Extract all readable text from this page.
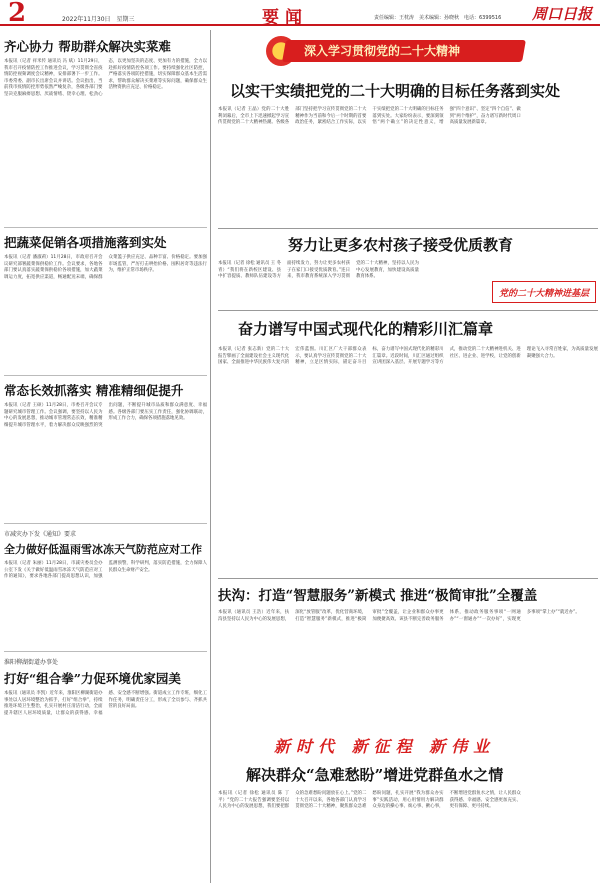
2	2022年11月30日　星期三	要闻	责任编辑：王枕涛　美术编辑：孙晓秋　电话：6399516 周口日报
齐心协力 帮助群众解决实菜难
本报讯（记者 祥米传 通讯员 冯 斌）11月29日，我市召开疫情防控工作推进会议，学习贯彻全省疫情防控视频调度会议精神，安排部署下一步工作。市委常委、副市长出席会议并讲话。会议指出，当前我市疫情防控形势依然严峻复杂，各级各部门要坚决克服麻痹思想、厌战情绪、侥幸心理、松劲心态，以更加坚决的态度、更加有力的措施，全力以赴抓好疫情防控各项工作。要持续强化社区防控，严格落实各项防控措施，切实保障群众基本生活需求，帮助群众解决买菜难等实际问题，确保群众生活物资供应充足、价格稳定。
把蔬菜促销各项措施落到实处
本报讯（记者 潘淑莉）11月28日，市政府召开会议研究部署蔬菜保供稳价工作。会议要求，各地各部门要认真落实蔬菜保供稳价各项措施，加大蔬菜调运力度，拓宽供应渠道，畅通配送末端，确保群众菜篮子供应充足、品种丰富、价格稳定。要加强市场监管，严厉打击哄抬价格、囤积居奇等违法行为，维护正常市场秩序。
常态长效抓落实 精准精细促提升
本报讯（记者 王硕）11月28日，市委召开会议专题研究城市管理工作。会议强调，要坚持以人民为中心的发展思想，推动城市管理常态长效，精准精细提升城市管理水平，着力解决群众反映强烈的突出问题，不断提升城市品质和群众满意度、幸福感。各级各部门要压实工作责任，强化协调联动，形成工作合力，确保各项措施落地见效。
市减灾办下发《通知》要求
全力做好低温雨雪冰冻天气防范应对工作
本报讯（记者 朱丽）11月28日，市减灾委员会办公室下发《关于做好低温雨雪冰冻天气防范应对工作的通知》，要求各地各部门提高思想认识，加强监测预警，科学研判，落实防范措施，全力保障人民群众生命财产安全。
淮阳柳湖街道办事处
打好“组合拳”力促环境优家园美
本报讯（通讯员 李凯）近年来，淮阳区柳湖街道办事处以人居环境整治为抓手，打好“组合拳”，持续推进环境卫生整治，扎实开展村庄清洁行动，全面提升辖区人居环境质量，让群众的获得感、幸福感、安全感不断增强。街道成立工作专班，细化工作任务，明确责任分工，形成了全员参与、齐抓共管的良好局面。
深入学习贯彻党的二十大精神
以实干实绩把党的二十大明确的目标任务落到实处
本报讯（记者 王晶）党的二十大胜利闭幕后，全市上下迅速掀起学习宣传贯彻党的二十大精神热潮。各级各部门坚持把学习宣传贯彻党的二十大精神作为当前和今后一个时期的首要政治任务，紧密结合工作实际，以实干实绩把党的二十大明确的目标任务落到实处。大家纷纷表示，要深刻领悟“两个确立”的决定性意义，增强“四个意识”、坚定“四个自信”、做到“两个维护”，奋力谱写新时代周口高质量发展新篇章。
努力让更多农村孩子接受优质教育
本报讯（记者 徐松 通讯员 王 冬青）“我们将在新校区建设、县中扩容提质、教师队伍建设等方面持续发力，努力让更多农村孩子在家门口接受优质教育。”连日来，我市教育系统深入学习贯彻党的二十大精神，坚持以人民为中心发展教育，加快建设高质量教育体系。
党的二十大精神进基层
奋力谱写中国式现代化的精彩川汇篇章
本报讯（记者 张志新）党的二十大报告擘画了全面建设社会主义现代化国家、全面推进中华民族伟大复兴的宏伟蓝图。川汇区广大干部群众表示，要认真学习宣传贯彻党的二十大精神，立足区情实际，锚定奋斗目标，奋力谱写中国式现代化的精彩川汇篇章。近段时间，川汇区通过组织宣讲团深入基层、开展专题学习等方式，推动党的二十大精神进机关、进社区、进企业、进学校，让党的创新理论飞入寻常百姓家，为高质量发展凝聚强大合力。
扶沟：打造“智慧服务”新模式 推进“极简审批”全覆盖
本报讯（通讯员 王浩）近年来，扶沟县坚持以人民为中心的发展思想，深化“放管服”改革，优化营商环境，打造“智慧服务”新模式，推进“极简审批”全覆盖，让企业和群众办事更加便捷高效。该县不断完善政务服务体系，推动政务服务事项“一网通办”“一窗通办”“一次办好”，实现更多事项“掌上办”“就近办”。
新时代 新征程 新伟业
解决群众“急难愁盼”增进党群鱼水之情
本报讯（记者 徐松 通讯员 陈 丁平）“党的二十大报告强调要坚持以人民为中心的发展思想，我们要把群众的急难愁盼问题放在心上。”党的二十大召开以来，各地各部门认真学习贯彻党的二十大精神，聚焦群众急难愁盼问题，扎实开展“我为群众办实事”实践活动，用心用情用力解决群众身边的操心事、烦心事、揪心事，不断增进党群鱼水之情，让人民群众获得感、幸福感、安全感更加充实、更有保障、更可持续。
